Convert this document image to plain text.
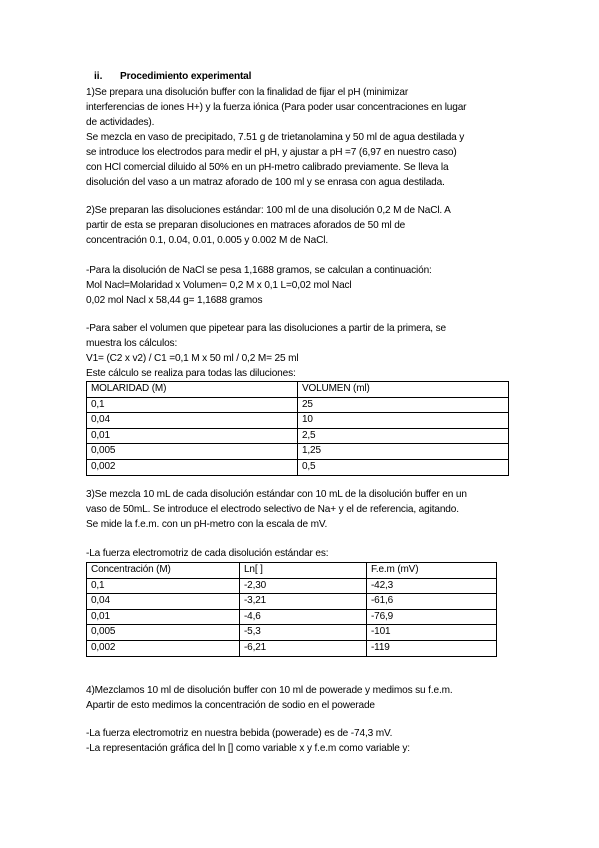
ii. Procedimiento experimental
1)Se prepara una disolución buffer con la finalidad de fijar el pH (minimizar
interferencias de iones H+) y la fuerza iónica (Para poder usar concentraciones en lugar
de actividades).
Se mezcla en vaso de precipitado, 7.51 g de trietanolamina y 50 ml de agua destilada y
se introduce los electrodos para medir el pH, y ajustar a pH =7 (6,97 en nuestro caso)
con HCl comercial diluido al 50% en un pH-metro calibrado previamente. Se lleva la
disolución del vaso a un matraz aforado de 100 ml y se enrasa con agua destilada.
2)Se preparan las disoluciones estándar: 100 ml de una disolución 0,2 M de NaCl. A
partir de esta se preparan disoluciones en matraces aforados de 50 ml de
concentración 0.1, 0.04, 0.01, 0.005 y 0.002 M de NaCl.
-Para la disolución de NaCl se pesa 1,1688 gramos, se calculan a continuación:
Mol Nacl=Molaridad x Volumen= 0,2 M x 0,1 L=0,02 mol Nacl
0,02 mol Nacl x 58,44 g= 1,1688 gramos
-Para saber el volumen que pipetear para las disoluciones a partir de la primera, se
muestra los cálculos:
V1= (C2 x v2) / C1 =0,1 M x 50 ml / 0,2 M= 25 ml
Este cálculo se realiza para todas las diluciones:
MOLARIDAD (M)	VOLUMEN (ml)
0,1	25
0,04	10
0,01	2,5
0,005	1,25
0,002	0,5
3)Se mezcla 10 mL de cada disolución estándar con 10 mL de la disolución buffer en un
vaso de 50mL. Se introduce el electrodo selectivo de Na+ y el de referencia, agitando.
Se mide la f.e.m. con un pH-metro con la escala de mV.
-La fuerza electromotriz de cada disolución estándar es:
Concentración (M)	Ln[ ]	F.e.m (mV)
0,1	-2,30	-42,3
0,04	-3,21	-61,6
0,01	-4,6	-76,9
0,005	-5,3	-101
0,002	-6,21	-119
4)Mezclamos 10 ml de disolución buffer con 10 ml de powerade y medimos su f.e.m.
Apartir de esto medimos la concentración de sodio en el powerade
-La fuerza electromotriz en nuestra bebida (powerade) es de -74,3 mV.
-La representación gráfica del ln [] como variable x y f.e.m como variable y:
